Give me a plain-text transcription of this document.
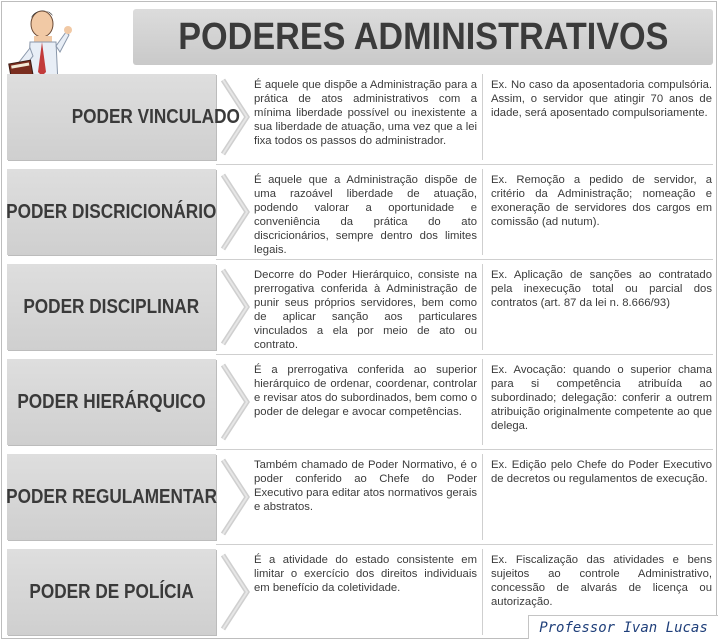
PODERES ADMINISTRATIVOS
PODER VINCULADO
É aquele que dispõe a Administração para a prática de atos administrativos com a mínima liberdade possível ou inexistente a sua liberdade de atuação, uma vez que a lei fixa todos os passos do administrador.
Ex. No caso da aposentadoria compulsória. Assim, o servidor que atingir 70 anos de idade, será aposentado compulsoriamente.
PODER DISCRICIONÁRIO
É aquele que a Administração dispõe de uma razoável liberdade de atuação, podendo valorar a oportunidade e conveniência da prática do ato discricionários, sempre dentro dos limites legais.
Ex. Remoção a pedido de servidor, a critério da Administração; nomeação e exoneração de servidores dos cargos em comissão (ad nutum).
PODER DISCIPLINAR
Decorre do Poder Hierárquico, consiste na prerrogativa conferida à Administração de punir seus próprios servidores, bem como de aplicar sanção aos particulares vinculados a ela por meio de ato ou contrato.
Ex. Aplicação de sanções ao contratado pela inexecução total ou parcial dos contratos (art. 87 da lei n. 8.666/93)
PODER HIERÁRQUICO
É a prerrogativa conferida ao superior hierárquico de ordenar, coordenar, controlar e revisar atos do subordinados, bem como o poder de delegar e avocar competências.
Ex. Avocação: quando o superior chama para si competência atribuída ao subordinado; delegação: conferir a outrem atribuição originalmente competente ao que delega.
PODER REGULAMENTAR
Também chamado de Poder Normativo, é o poder conferido ao Chefe do Poder Executivo para editar atos normativos gerais e abstratos.
Ex. Edição pelo Chefe do Poder Executivo de decretos ou regulamentos de execução.
PODER DE POLÍCIA
É a atividade do estado consistente em limitar o exercício dos direitos individuais em benefício da coletividade.
Ex. Fiscalização das atividades e bens sujeitos ao controle Administrativo, concessão de alvarás de licença ou autorização.
Professor Ivan Lucas
